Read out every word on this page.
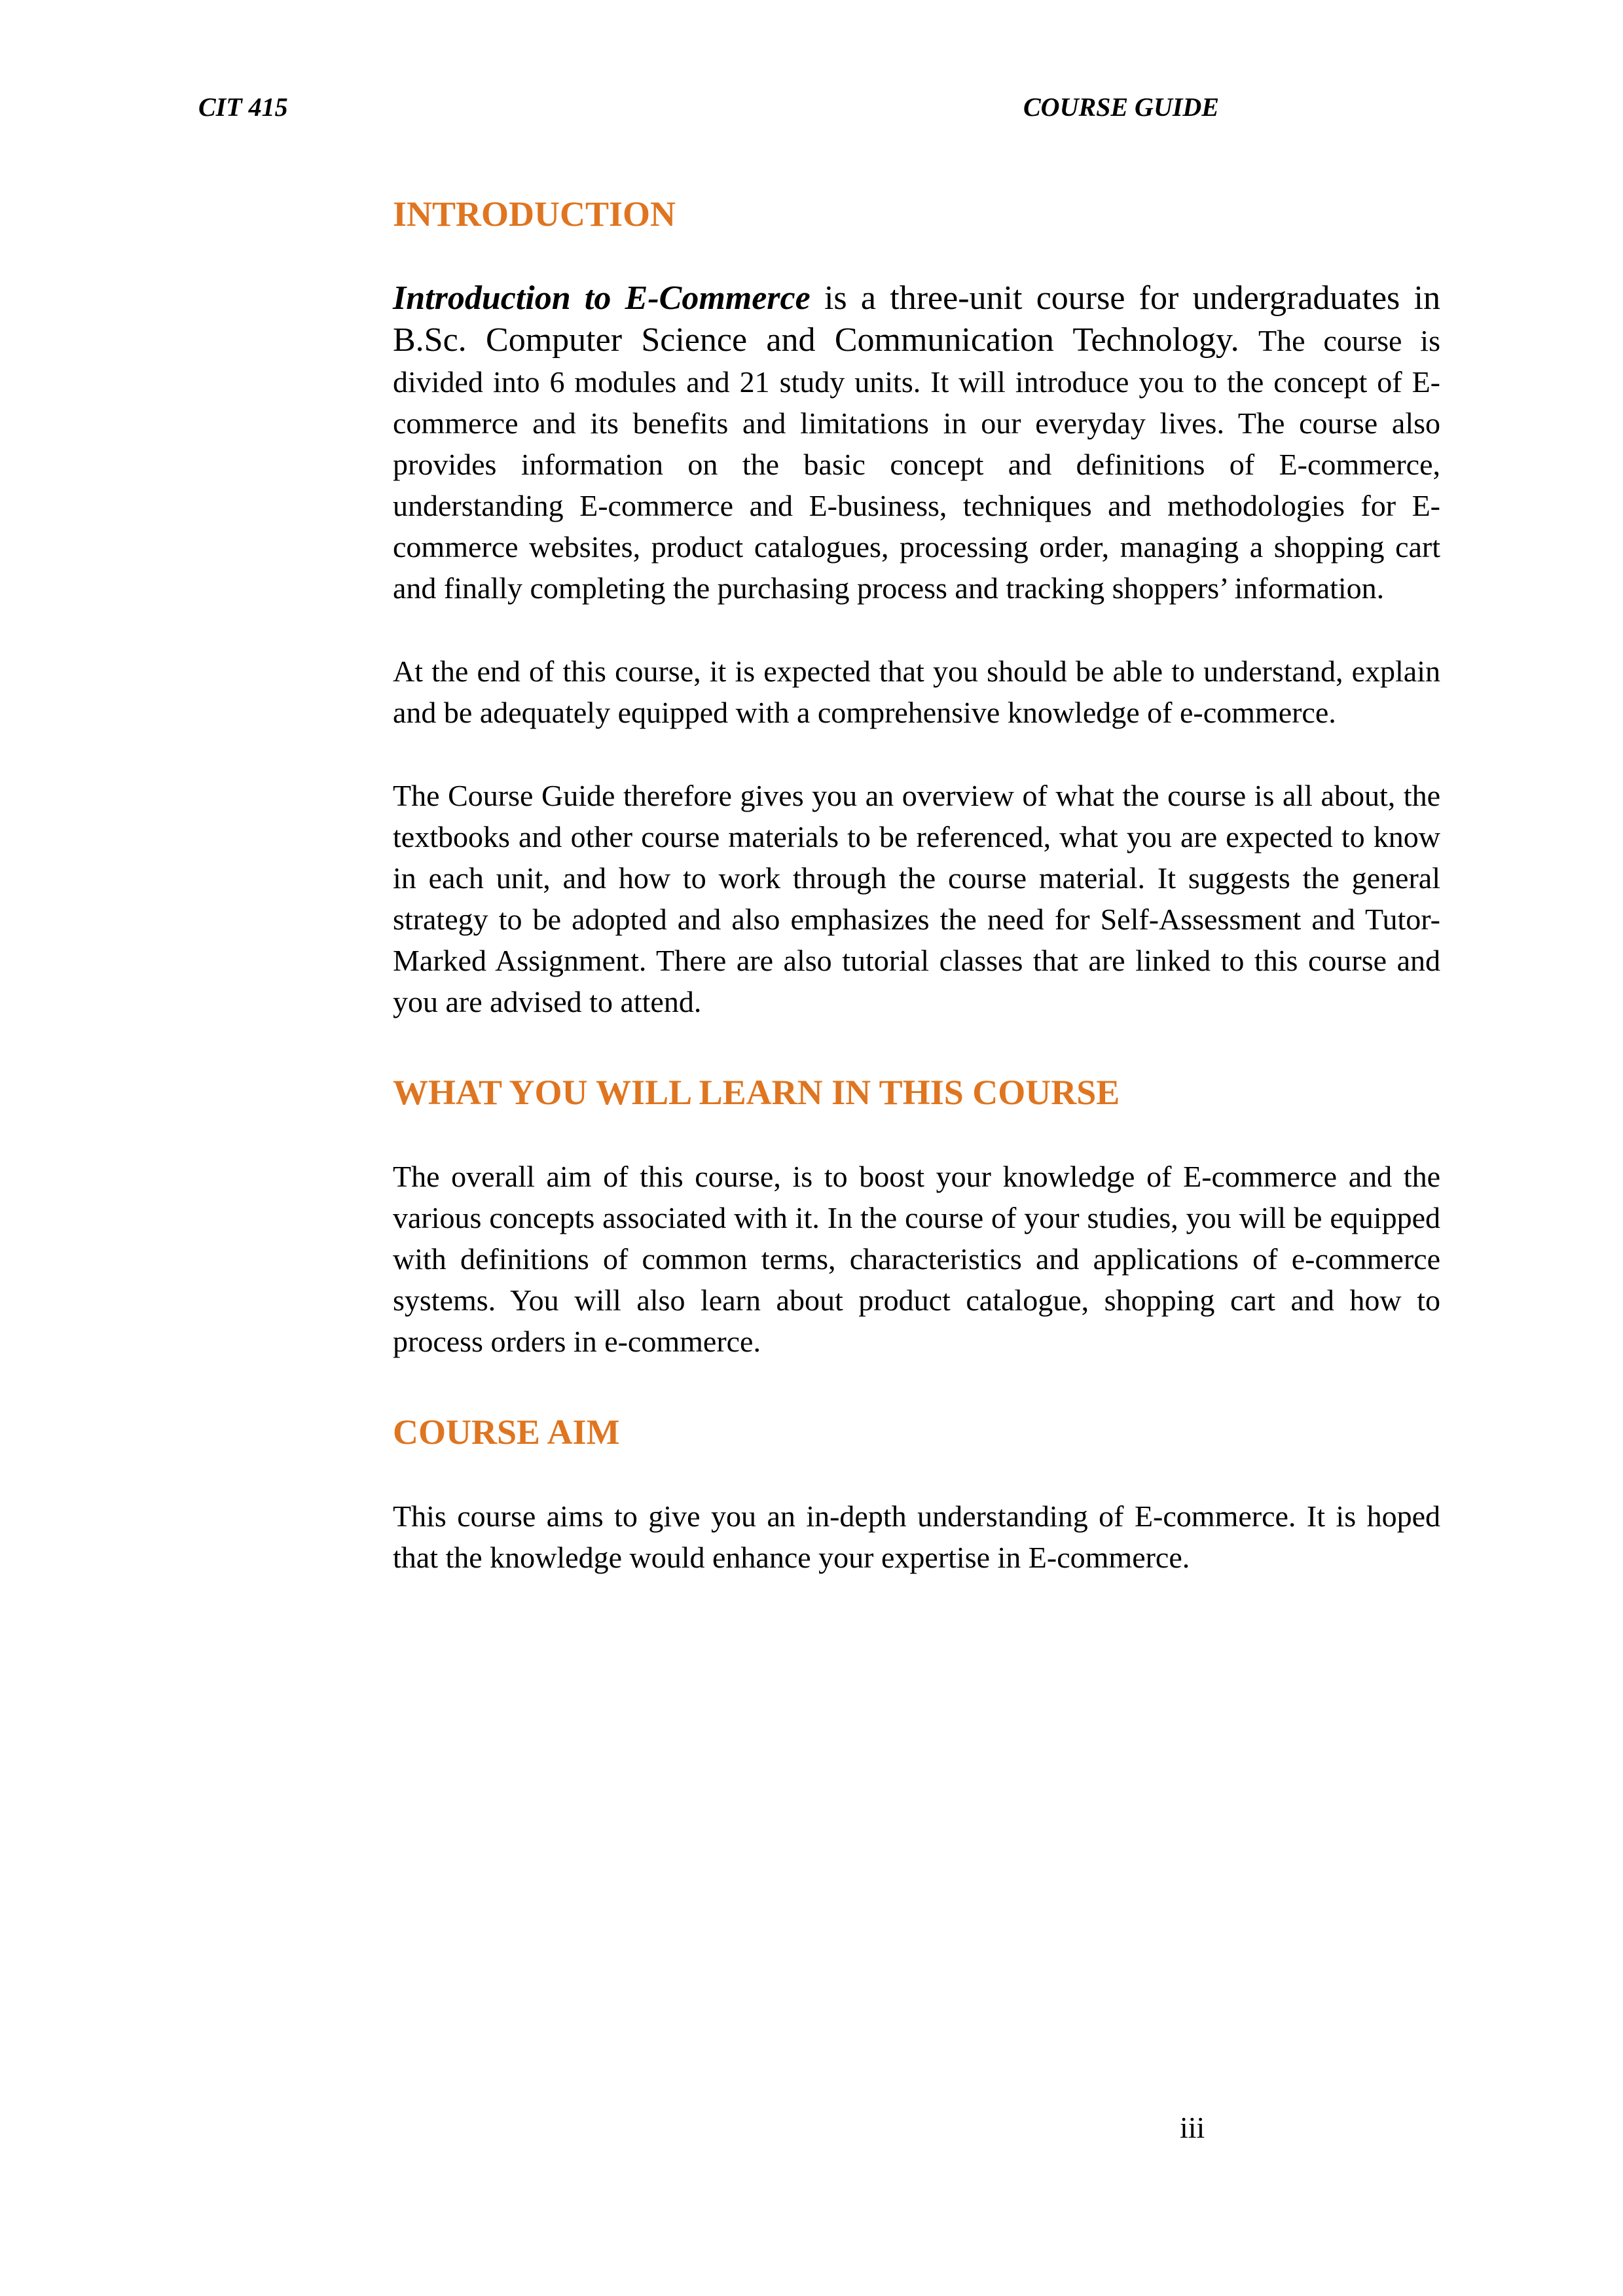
CIT 415	COURSE GUIDE
INTRODUCTION

Introduction to E-Commerce is a three-unit course for undergraduates in B.Sc. Computer Science and Communication Technology. The course is divided into 6 modules and 21 study units. It will introduce you to the concept of E-commerce and its benefits and limitations in our everyday lives. The course also provides information on the basic concept and definitions of E-commerce, understanding E-commerce and E-business, techniques and methodologies for E-commerce websites, product catalogues, processing order, managing a shopping cart and finally completing the purchasing process and tracking shoppers’ information.

At the end of this course, it is expected that you should be able to understand, explain and be adequately equipped with a comprehensive knowledge of e-commerce.

The Course Guide therefore gives you an overview of what the course is all about, the textbooks and other course materials to be referenced, what you are expected to know in each unit, and how to work through the course material. It suggests the general strategy to be adopted and also emphasizes the need for Self-Assessment and Tutor-Marked Assignment. There are also tutorial classes that are linked to this course and you are advised to attend.

WHAT YOU WILL LEARN IN THIS COURSE

The overall aim of this course, is to boost your knowledge of E-commerce and the various concepts associated with it. In the course of your studies, you will be equipped with definitions of common terms, characteristics and applications of e-commerce systems. You will also learn about product catalogue, shopping cart and how to process orders in e-commerce.

COURSE AIM

This course aims to give you an in-depth understanding of E-commerce. It is hoped that the knowledge would enhance your expertise in E-commerce.

iii
